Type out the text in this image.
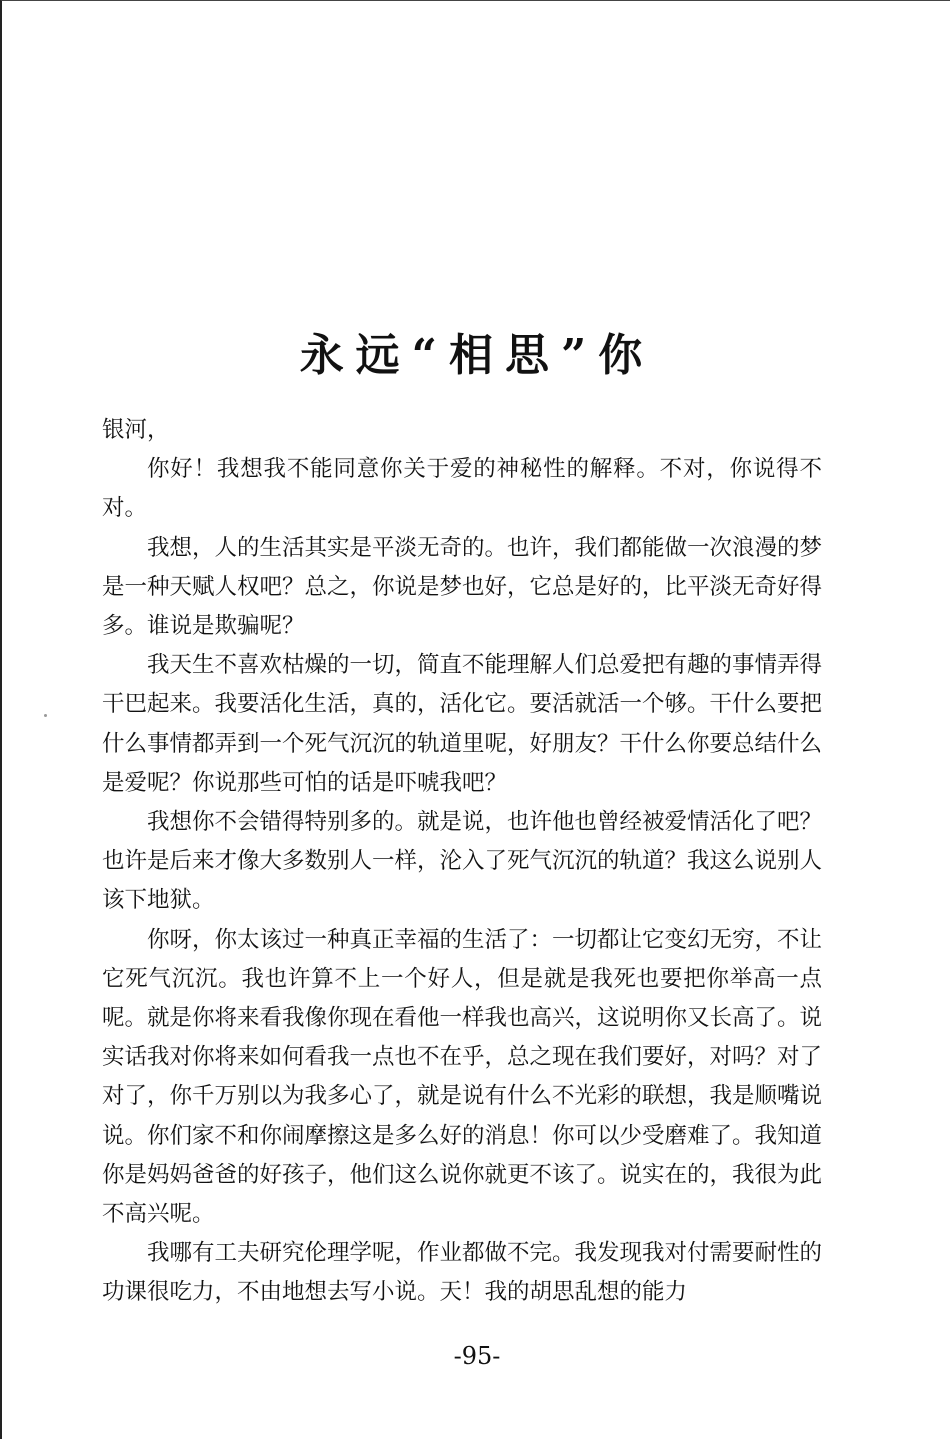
永远“相思”你

银河，

你好！我想我不能同意你关于爱的神秘性的解释。不对，你说得不对。

我想，人的生活其实是平淡无奇的。也许，我们都能做一次浪漫的梦是一种天赋人权吧？总之，你说是梦也好，它总是好的，比平淡无奇好得多。谁说是欺骗呢？

我天生不喜欢枯燥的一切，简直不能理解人们总爱把有趣的事情弄得干巴起来。我要活化生活，真的，活化它。要活就活一个够。干什么要把什么事情都弄到一个死气沉沉的轨道里呢，好朋友？干什么你要总结什么是爱呢？你说那些可怕的话是吓唬我吧？

我想你不会错得特别多的。就是说，也许他也曾经被爱情活化了吧？也许是后来才像大多数别人一样，沦入了死气沉沉的轨道？我这么说别人该下地狱。

你呀，你太该过一种真正幸福的生活了：一切都让它变幻无穷，不让它死气沉沉。我也许算不上一个好人，但是就是我死也要把你举高一点呢。就是你将来看我像你现在看他一样我也高兴，这说明你又长高了。说实话我对你将来如何看我一点也不在乎，总之现在我们要好，对吗？对了对了，你千万别以为我多心了，就是说有什么不光彩的联想，我是顺嘴说说。你们家不和你闹摩擦这是多么好的消息！你可以少受磨难了。我知道你是妈妈爸爸的好孩子，他们这么说你就更不该了。说实在的，我很为此不高兴呢。

我哪有工夫研究伦理学呢，作业都做不完。我发现我对付需要耐性的功课很吃力，不由地想去写小说。天！我的胡思乱想的能力

-95-
